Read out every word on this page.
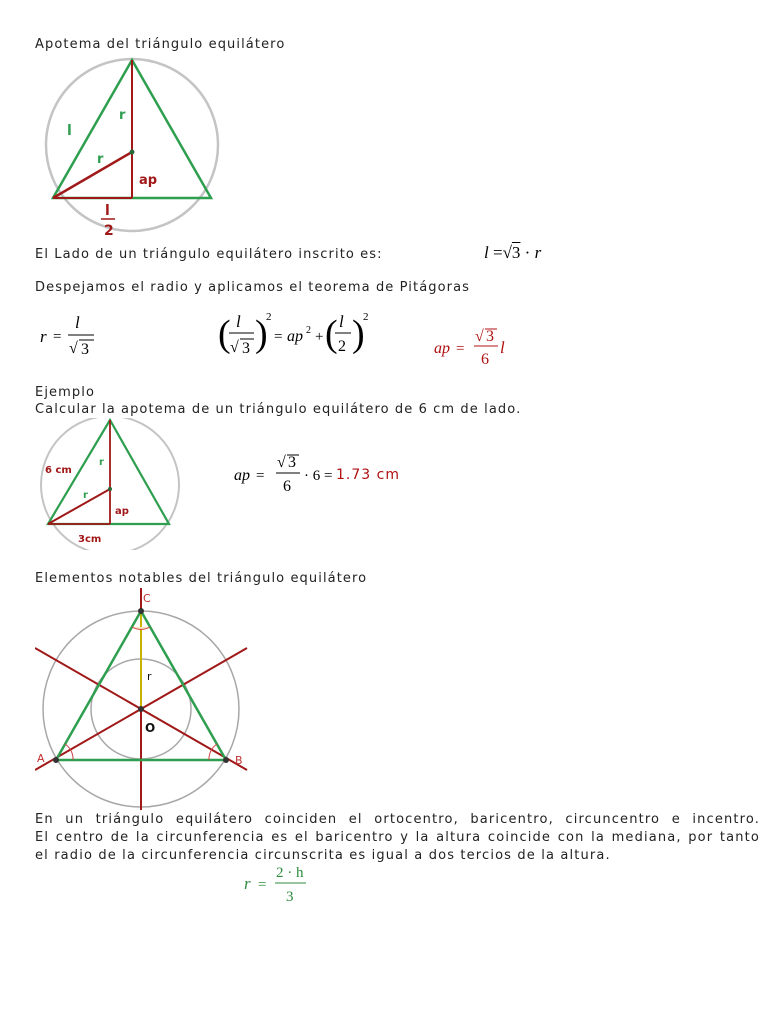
Apotema del triángulo equilátero
l
r
r
ap
l
2
El Lado de un triángulo equilátero inscrito es:	l =√3 · r
Despejamos el radio y aplicamos el teorema de Pitágoras
r =
l
√ 3	( l
√ 3 )
2
= ap 2 + ( l
2 )
2
ap =
√ 3
6
l
Ejemplo
Calcular la apotema de un triángulo equilátero de 6 cm de lado.
6 cm
r
r
ap
3cm
ap =
√ 3
6
· 6 = 1.73 cm
Elementos notables del triángulo equilátero
C
A	B
O
r
En un triángulo equilátero coinciden el ortocentro, baricentro, circuncentro e incentro.
El centro de la circunferencia es el baricentro y la altura coincide con la mediana, por tanto
el radio de la circunferencia circunscrita es igual a dos tercios de la altura.
r =
2 · h
3
